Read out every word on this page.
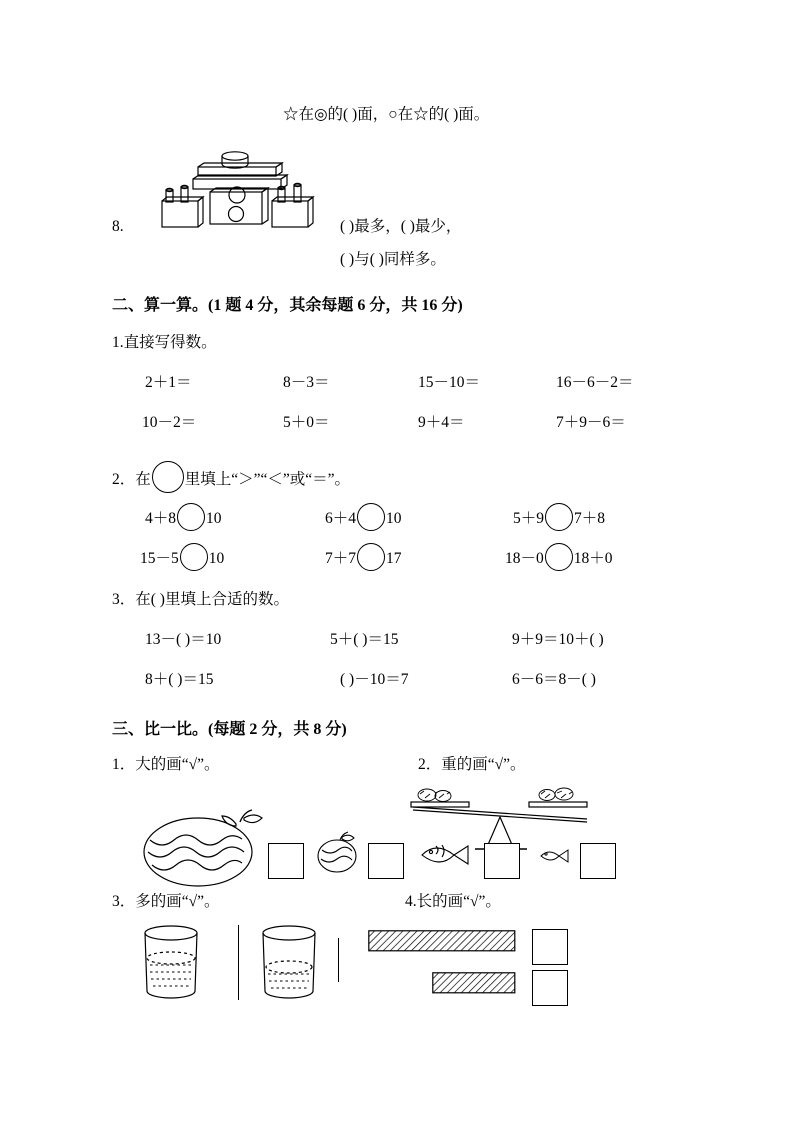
☆在◎的( )面，○在☆的( )面。
8.	( )最多，( )最少，
( )与( )同样多。
二、算一算。(1 题 4 分，其余每题 6 分，共 16 分)
1.直接写得数。
2＋1＝	8－3＝	15－10＝	16－6－2＝
10－2＝	5＋0＝	9＋4＝	7＋9－6＝
2．在 里填上“＞”“＜”或“＝”。
4＋8 10	6＋4 10	5＋9 7＋8
15－5 10	7＋7 17	18－0 18＋0
3．在( )里填上合适的数。
13－( )＝10	5＋( )＝15	9＋9＝10＋( )
8＋( )＝15	( )－10＝7	6－6＝8－( )
三、比一比。(每题 2 分，共 8 分)
1．大的画“√”。	2．重的画“√”。
3．多的画“√”。	4.长的画“√”。
